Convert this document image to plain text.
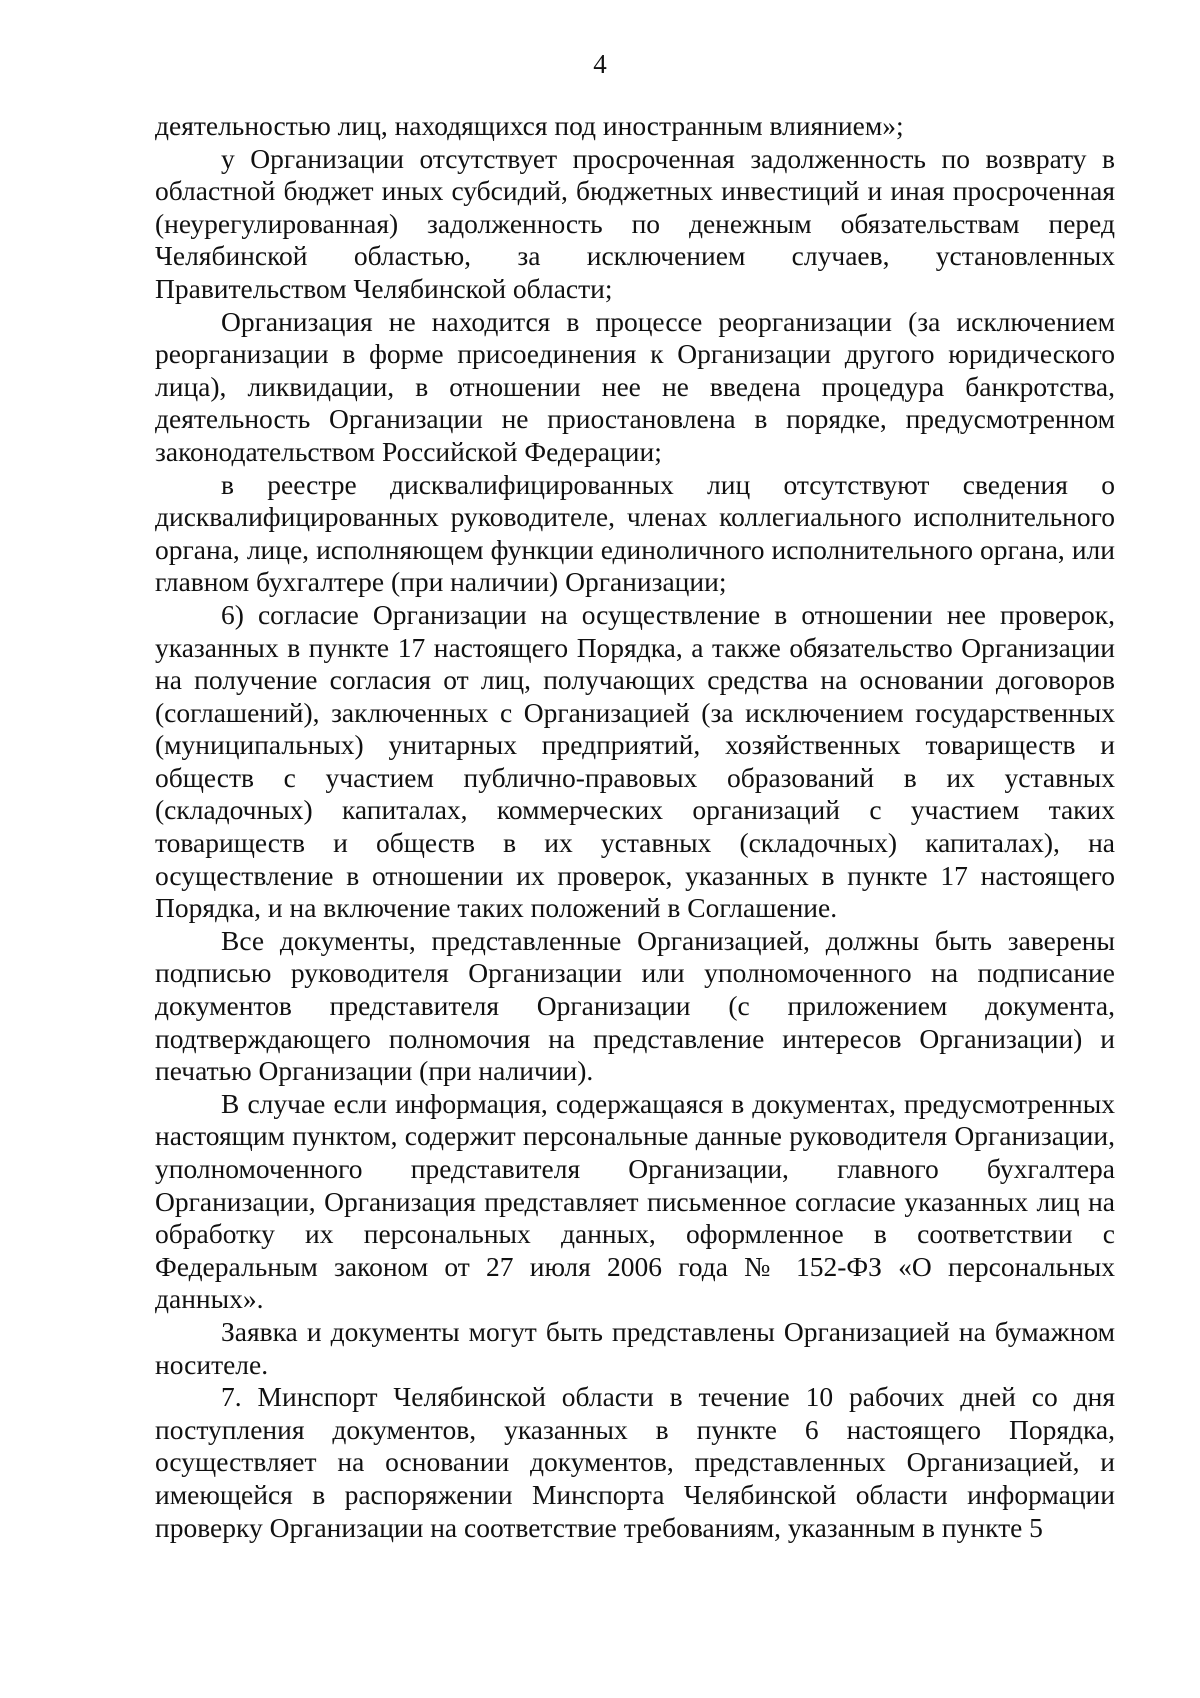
4

деятельностью лиц, находящихся под иностранным влиянием»;

у Организации отсутствует просроченная задолженность по возврату в областной бюджет иных субсидий, бюджетных инвестиций и иная просроченная (неурегулированная) задолженность по денежным обязательствам перед Челябинской областью, за исключением случаев, установленных Правительством Челябинской области;

Организация не находится в процессе реорганизации (за исключением реорганизации в форме присоединения к Организации другого юридического лица), ликвидации, в отношении нее не введена процедура банкротства, деятельность Организации не приостановлена в порядке, предусмотренном законодательством Российской Федерации;

в реестре дисквалифицированных лиц отсутствуют сведения о дисквалифицированных руководителе, членах коллегиального исполнительного органа, лице, исполняющем функции единоличного исполнительного органа, или главном бухгалтере (при наличии) Организации;

6) согласие Организации на осуществление в отношении нее проверок, указанных в пункте 17 настоящего Порядка, а также обязательство Организации на получение согласия от лиц, получающих средства на основании договоров (соглашений), заключенных с Организацией (за исключением государственных (муниципальных) унитарных предприятий, хозяйственных товариществ и обществ с участием публично-правовых образований в их уставных (складочных) капиталах, коммерческих организаций с участием таких товариществ и обществ в их уставных (складочных) капиталах), на осуществление в отношении их проверок, указанных в пункте 17 настоящего Порядка, и на включение таких положений в Соглашение.

Все документы, представленные Организацией, должны быть заверены подписью руководителя Организации или уполномоченного на подписание документов представителя Организации (с приложением документа, подтверждающего полномочия на представление интересов Организации) и печатью Организации (при наличии).

В случае если информация, содержащаяся в документах, предусмотренных настоящим пунктом, содержит персональные данные руководителя Организации, уполномоченного представителя Организации, главного бухгалтера Организации, Организация представляет письменное согласие указанных лиц на обработку их персональных данных, оформленное в соответствии с Федеральным законом от 27 июля 2006 года № 152-ФЗ «О персональных данных».

Заявка и документы могут быть представлены Организацией на бумажном носителе.

7. Минспорт Челябинской области в течение 10 рабочих дней со дня поступления документов, указанных в пункте 6 настоящего Порядка, осуществляет на основании документов, представленных Организацией, и имеющейся в распоряжении Минспорта Челябинской области информации проверку Организации на соответствие требованиям, указанным в пункте 5
